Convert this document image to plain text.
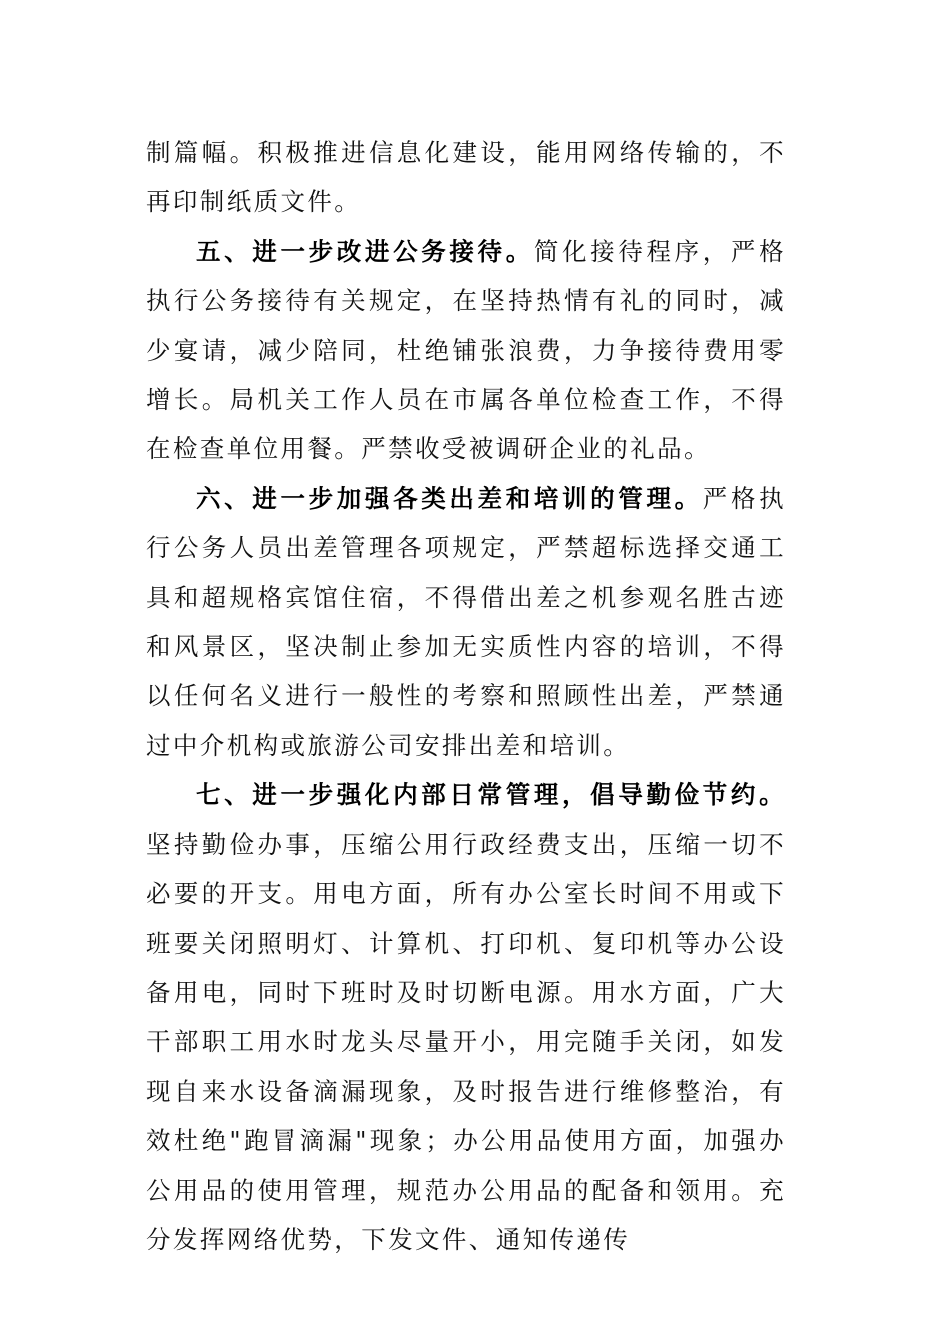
制篇幅。积极推进信息化建设，能用网络传输的，不再印制纸质文件。

五、进一步改进公务接待。简化接待程序，严格执行公务接待有关规定，在坚持热情有礼的同时，减少宴请，减少陪同，杜绝铺张浪费，力争接待费用零增长。局机关工作人员在市属各单位检查工作，不得在检查单位用餐。严禁收受被调研企业的礼品。

六、进一步加强各类出差和培训的管理。严格执行公务人员出差管理各项规定，严禁超标选择交通工具和超规格宾馆住宿，不得借出差之机参观名胜古迹和风景区，坚决制止参加无实质性内容的培训，不得以任何名义进行一般性的考察和照顾性出差，严禁通过中介机构或旅游公司安排出差和培训。

七、进一步强化内部日常管理，倡导勤俭节约。坚持勤俭办事，压缩公用行政经费支出，压缩一切不必要的开支。用电方面，所有办公室长时间不用或下班要关闭照明灯、计算机、打印机、复印机等办公设备用电，同时下班时及时切断电源。用水方面，广大干部职工用水时龙头尽量开小，用完随手关闭，如发现自来水设备滴漏现象，及时报告进行维修整治，有效杜绝"跑冒滴漏"现象；办公用品使用方面，加强办公用品的使用管理，规范办公用品的配备和领用。充分发挥网络优势，下发文件、通知传递传
